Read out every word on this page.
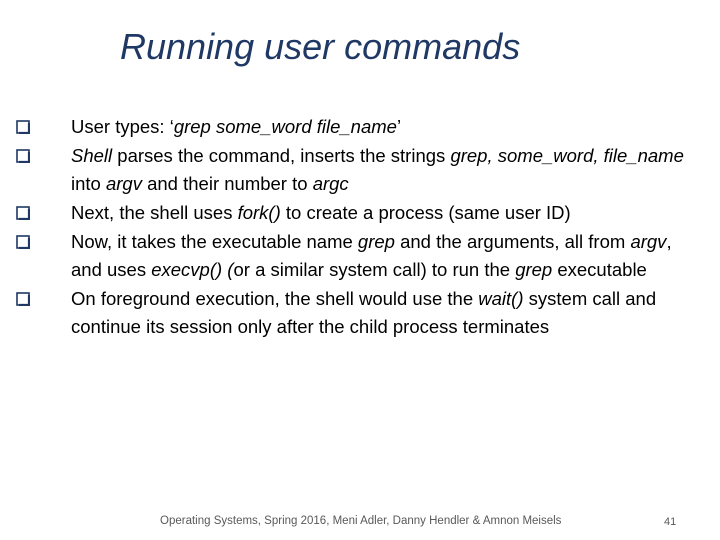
Running user commands
User types: ‘grep some_word file_name’
Shell parses the command, inserts the strings grep, some_word, file_name into argv and their number to argc
Next, the shell uses fork() to create a process (same user ID)
Now, it takes the executable name grep and the arguments, all from argv, and uses execvp() (or a similar system call) to run the grep executable
On foreground execution, the shell would use the wait() system call and continue its session only after the child process terminates
Operating Systems, Spring 2016, Meni Adler, Danny Hendler & Amnon Meisels	41
